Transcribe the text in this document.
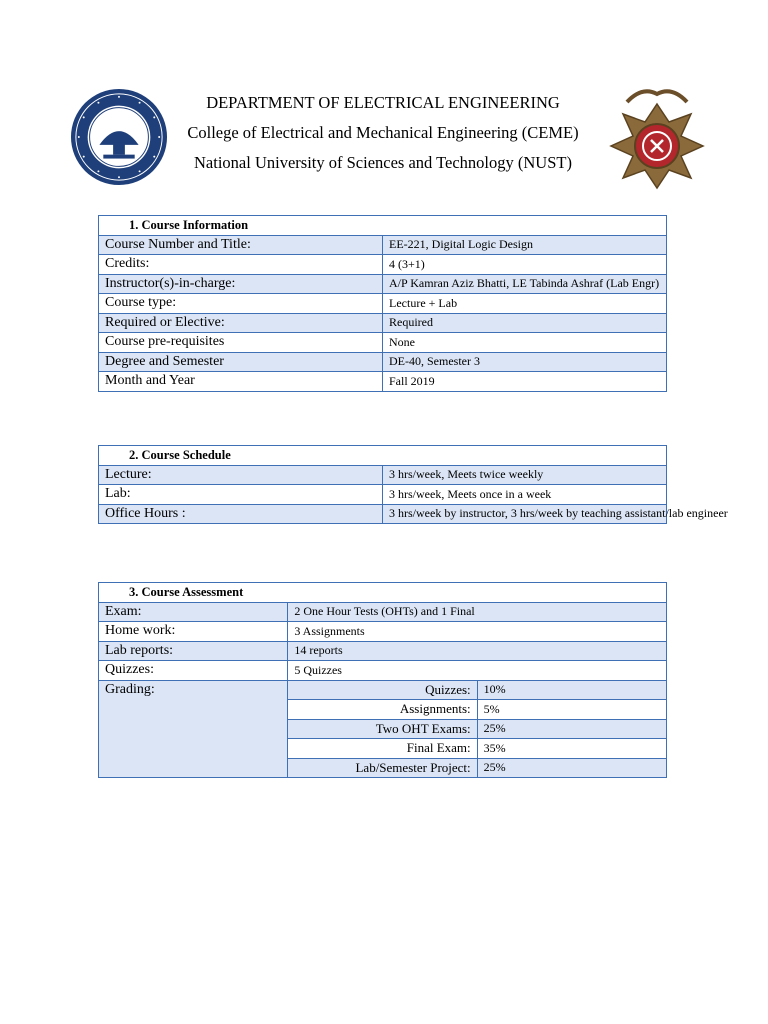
DEPARTMENT OF ELECTRICAL ENGINEERING
College of Electrical and Mechanical Engineering (CEME)
National University of Sciences and Technology (NUST)
1. Course Information	
Course Number and Title:	EE-221, Digital Logic Design
Credits:	4 (3+1)
Instructor(s)-in-charge:	A/P Kamran Aziz Bhatti, LE Tabinda Ashraf (Lab Engr)
Course type:	Lecture + Lab
Required or Elective:	Required
Course pre-requisites	None
Degree and Semester	DE-40, Semester 3
Month and Year	Fall 2019
2. Course Schedule	
Lecture:	3 hrs/week, Meets twice weekly
Lab:	3 hrs/week, Meets once in a week
Office Hours :	3 hrs/week by instructor, 3 hrs/week by teaching assistant/lab engineer
3. Course Assessment		
Exam:	2 One Hour Tests (OHTs) and 1 Final	
Home work:	3 Assignments	
Lab reports:	14 reports	
Quizzes:	5 Quizzes	
Grading:	Quizzes:	10%
	Assignments:	5%
	Two OHT Exams:	25%
	Final Exam:	35%
	Lab/Semester Project:	25%
